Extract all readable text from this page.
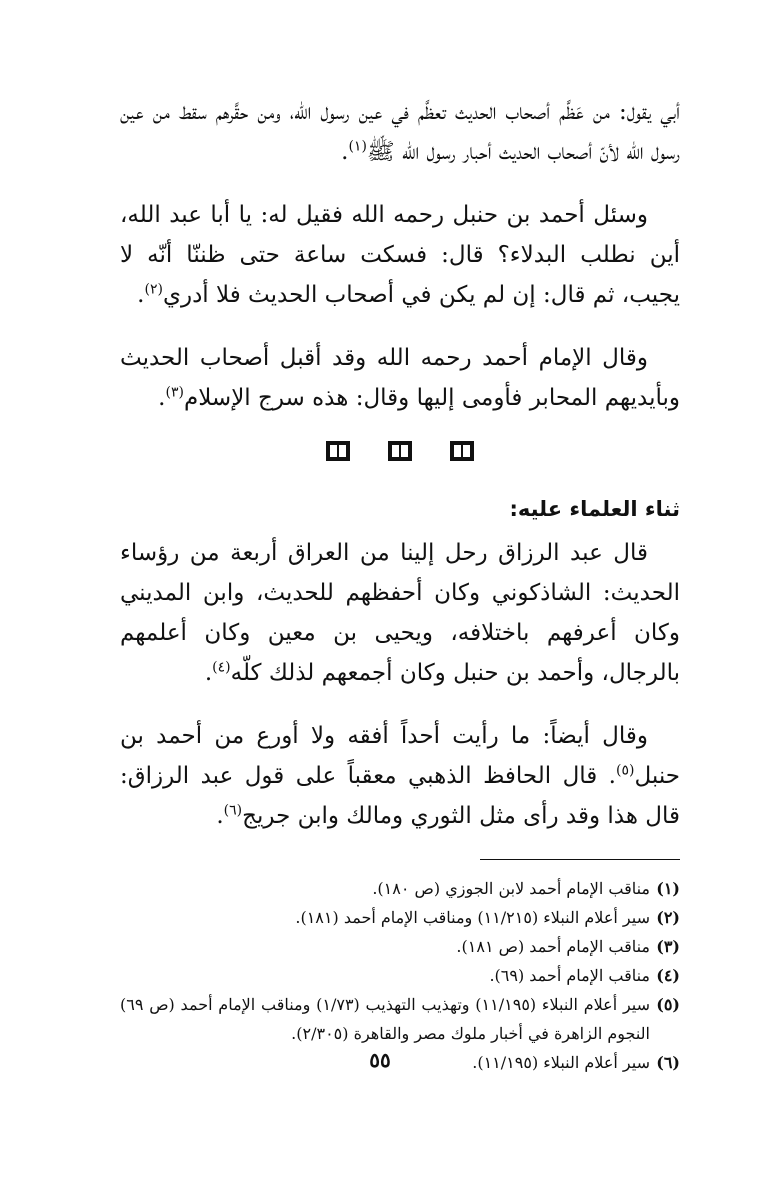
أبي يقول: من عَظَّم أصحاب الحديث تعظَّم في عين رسول الله، ومن حقَّرهم سقط من عين رسول الله لأنّ أصحاب الحديث أحبار رسول الله ﷺ$^{(١)}$.

وسئل أحمد بن حنبل رحمه الله فقيل له: يا أبا عبد الله، أين نطلب البدلاء؟ قال: فسكت ساعة حتى ظننّا أنّه لا يجيب، ثم قال: إن لم يكن في أصحاب الحديث فلا أدري$^{(٢)}$.

وقال الإمام أحمد رحمه الله وقد أقبل أصحاب الحديث وبأيديهم المحابر فأومى إليها وقال: هذه سرج الإسلام$^{(٣)}$.

ثناء العلماء عليه:

قال عبد الرزاق رحل إلينا من العراق أربعة من رؤساء الحديث: الشاذكوني وكان أحفظهم للحديث، وابن المديني وكان أعرفهم باختلافه، ويحيى بن معين وكان أعلمهم بالرجال، وأحمد بن حنبل وكان أجمعهم لذلك كلّه$^{(٤)}$.

وقال أيضاً: ما رأيت أحداً أفقه ولا أورع من أحمد بن حنبل$^{(٥)}$. قال الحافظ الذهبي معقباً على قول عبد الرزاق: قال هذا وقد رأى مثل الثوري ومالك وابن جريج$^{(٦)}$.

(١)
مناقب الإمام أحمد لابن الجوزي (ص ١٨٠).
(٢)
سير أعلام النبلاء (١١/٢١٥) ومناقب الإمام أحمد (١٨١).
(٣)
مناقب الإمام أحمد (ص ١٨١).
(٤)
مناقب الإمام أحمد (٦٩).
(٥)
سير أعلام النبلاء (١١/١٩٥) وتهذيب التهذيب (١/٧٣) ومناقب الإمام أحمد (ص ٦٩) النجوم الزاهرة في أخبار ملوك مصر والقاهرة (٢/٣٠٥).
(٦)
سير أعلام النبلاء (١١/١٩٥).
٥٥
